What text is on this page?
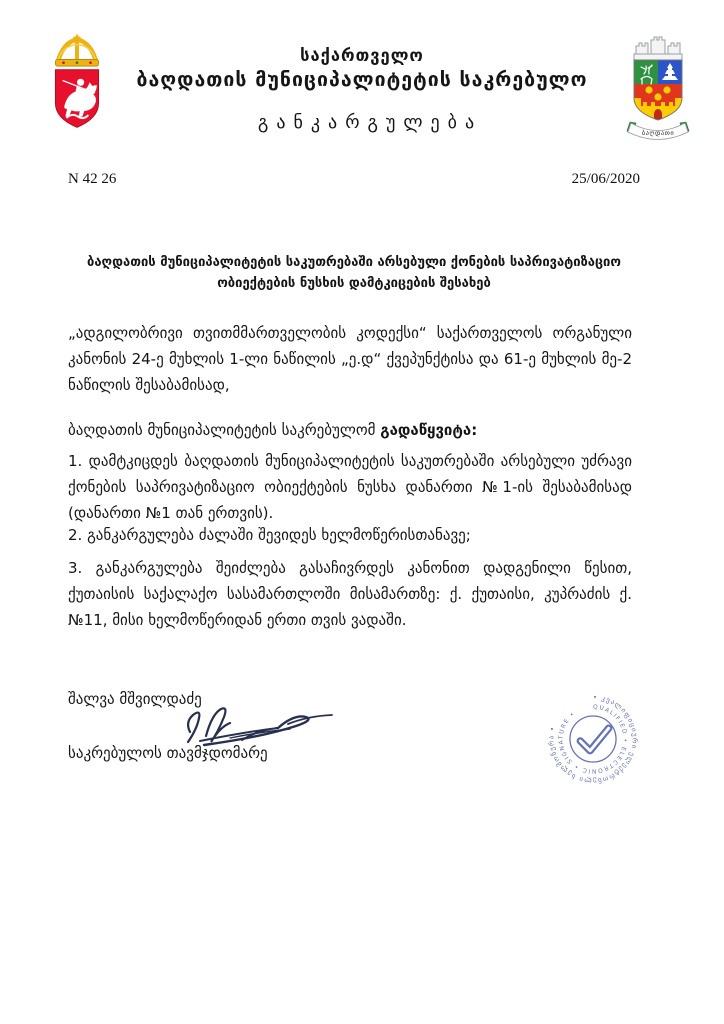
საქართველო
ბაღდათის მუნიციპალიტეტის საკრებულო
განკარგულება	ბაღდათი
N 42 26	25/06/2020
ბაღდათის მუნიციპალიტეტის საკუთრებაში არსებული ქონების საპრივატიზაციო ობიექტების ნუსხის დამტკიცების შესახებ
„ადგილობრივი თვითმმართველობის კოდექსი“ საქართველოს ორგანული კანონის 24-ე მუხლის 1-ლი ნაწილის „ე.დ“ ქვეპუნქტისა და 61-ე მუხლის მე-2 ნაწილის შესაბამისად,
ბაღდათის მუნიციპალიტეტის საკრებულომ გადაწყვიტა:
1. დამტკიცდეს ბაღდათის მუნიციპალიტეტის საკუთრებაში არსებული უძრავი ქონების საპრივატიზაციო ობიექტების ნუსხა დანართი №1-ის შესაბამისად (დანართი №1 თან ერთვის).
2. განკარგულება ძალაში შევიდეს ხელმოწერისთანავე;
3. განკარგულება შეიძლება გასაჩივრდეს კანონით დადგენილი წესით, ქუთაისის საქალაქო სასამართლოში მისამართზე: ქ. ქუთაისი, კუპრაძის ქ. №11, მისი ხელმოწერიდან ერთი თვის ვადაში.
შალვა მშვილდაძე
საკრებულოს თავმჯდომარე
• კვალიფიციური ელექტრონული ხელმოწერა •
QUALIFIED • ELECTRONIC • SIGNATURE •
